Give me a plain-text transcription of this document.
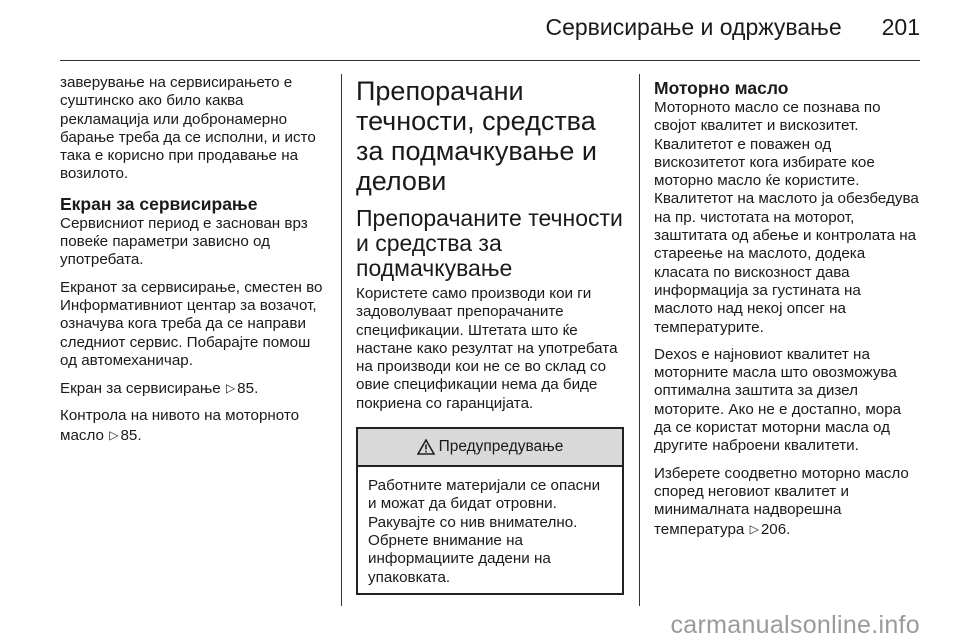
Сервисирање и одржување 201

заверување на сервисирањето е суштинско ако било каква рекламација или добронамерно барање треба да се исполни, и исто така е корисно при продавање на возилото.

Екран за сервисирање

Сервисниот период е заснован врз повеќе параметри зависно од употребата.

Екранот за сервисирање, сместен во Информативниот центар за возачот, означува кога треба да се направи следниот сервис. Побарајте помош од автомеханичар.

Екран за сервисирање ▷ 85.

Контрола на нивото на моторното масло ▷ 85.

Препорачани течности, средства за подмачкување и делови
Препорачаните течности и средства за подмачкување

Користете само производи кои ги задоволуваат препорачаните спецификации. Штетата што ќе настане како резултат на употребата на производи кои не се во склад со овие спецификации нема да биде покриена со гаранцијата.

Предупредување

Работните материјали се опасни и можат да бидат отровни. Ракувајте со нив внимателно. Обрнете внимание на информациите дадени на упаковката.

Моторно масло

Моторното масло се познава по својот квалитет и вискозитет. Квалитетот е поважен од вискозитетот кога избирате кое моторно масло ќе користите. Квалитетот на маслото ја обезбедува на пр. чистотата на моторот, заштитата од абење и контролата на стареење на маслото, додека класата по вискозност дава информација за густината на маслото над некој опсег на температурите.

Dexos е најновиот квалитет на моторните масла што овозможува оптимална заштита за дизел моторите. Ако не е достапно, мора да се користат моторни масла од другите наброени квалитети.

Изберете соодветно моторно масло според неговиот квалитет и минималната надворешна температура ▷ 206.

carmanualsonline.info
